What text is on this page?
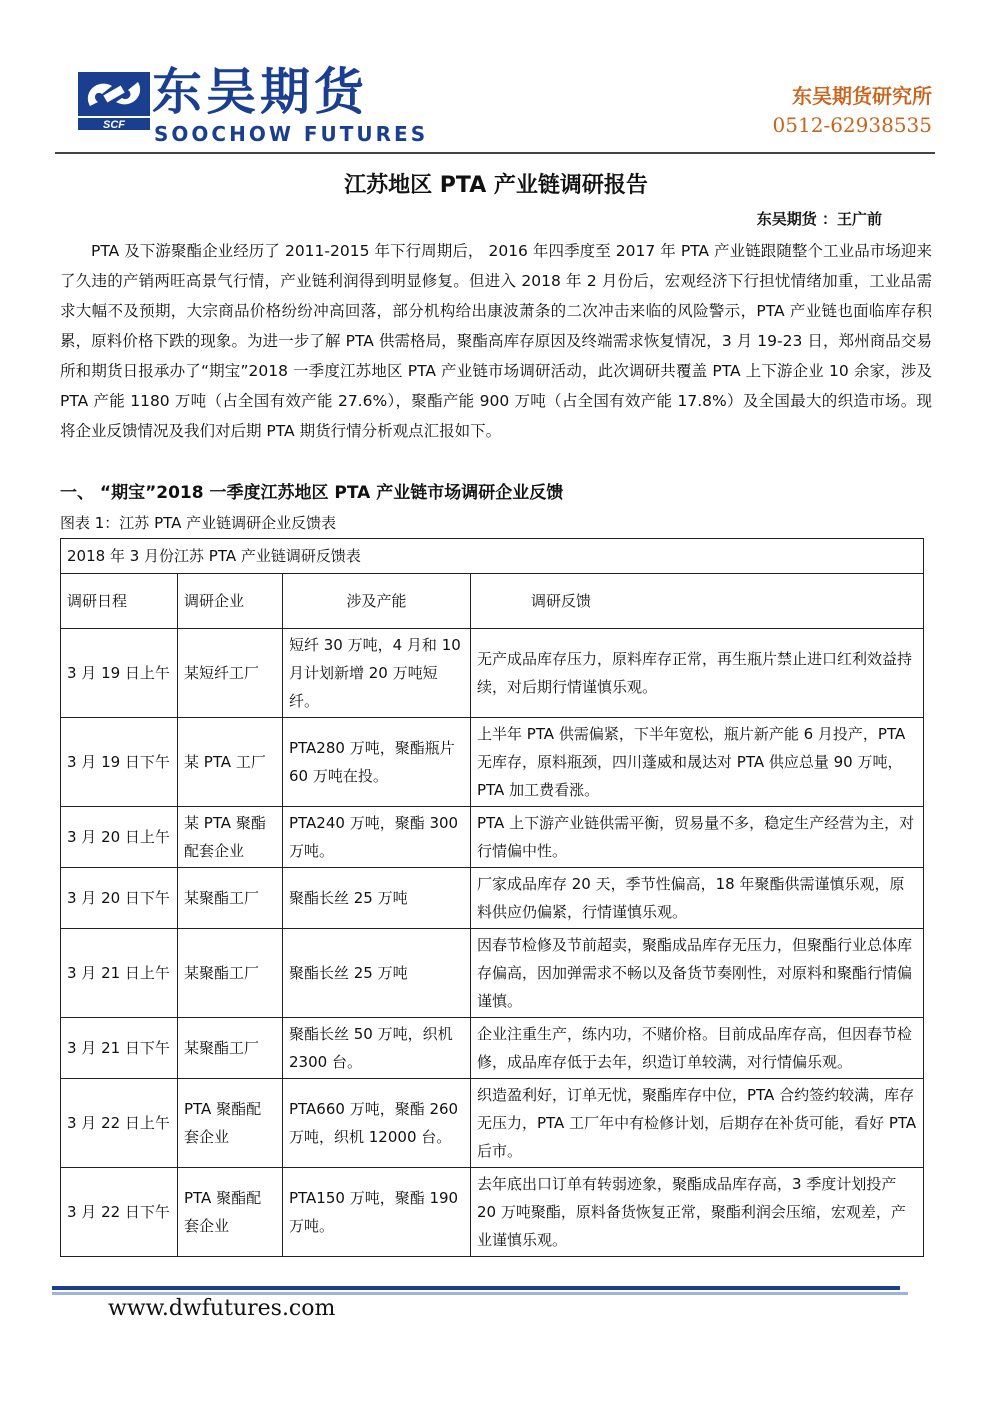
SCF
东吴期货
SOOCHOW FUTURES
东吴期货研究所
0512-62938535
江苏地区 PTA 产业链调研报告
东吴期货 ：王广前

PTA 及下游聚酯企业经历了 2011-2015 年下行周期后， 2016 年四季度至 2017 年 PTA 产业链跟随整个工业品市场迎来了久违的产销两旺高景气行情，产业链利润得到明显修复。但进入 2018 年 2 月份后，宏观经济下行担忧情绪加重，工业品需求大幅不及预期，大宗商品价格纷纷冲高回落，部分机构给出康波萧条的二次冲击来临的风险警示，PTA 产业链也面临库存积累，原料价格下跌的现象。为进一步了解 PTA 供需格局，聚酯高库存原因及终端需求恢复情况，3 月 19-23 日，郑州商品交易所和期货日报承办了“期宝”2018 一季度江苏地区 PTA 产业链市场调研活动，此次调研共覆盖 PTA 上下游企业 10 余家，涉及 PTA 产能 1180 万吨（占全国有效产能 27.6%），聚酯产能 900 万吨（占全国有效产能 17.8%）及全国最大的织造市场。现将企业反馈情况及我们对后期 PTA 期货行情分析观点汇报如下。

一、 “期宝”2018 一季度江苏地区 PTA 产业链市场调研企业反馈
图表 1：江苏 PTA 产业链调研企业反馈表
2018 年 3 月份江苏 PTA 产业链调研反馈表			
调研日程	调研企业	涉及产能	调研反馈
3 月 19 日上午	某短纤工厂	短纤 30 万吨，4 月和 10 月计划新增 20 万吨短纤。	无产成品库存压力，原料库存正常，再生瓶片禁止进口红利效益持续，对后期行情谨慎乐观。
3 月 19 日下午	某 PTA 工厂	PTA280 万吨，聚酯瓶片 60 万吨在投。	上半年 PTA 供需偏紧，下半年宽松，瓶片新产能 6 月投产，PTA 无库存，原料瓶颈，四川蓬威和晟达对 PTA 供应总量 90 万吨，PTA 加工费看涨。
3 月 20 日上午	某 PTA 聚酯配套企业	PTA240 万吨，聚酯 300 万吨。	PTA 上下游产业链供需平衡，贸易量不多，稳定生产经营为主，对行情偏中性。
3 月 20 日下午	某聚酯工厂	聚酯长丝 25 万吨	厂家成品库存 20 天，季节性偏高，18 年聚酯供需谨慎乐观，原料供应仍偏紧，行情谨慎乐观。
3 月 21 日上午	某聚酯工厂	聚酯长丝 25 万吨	因春节检修及节前超卖，聚酯成品库存无压力，但聚酯行业总体库存偏高，因加弹需求不畅以及备货节奏刚性，对原料和聚酯行情偏谨慎。
3 月 21 日下午	某聚酯工厂	聚酯长丝 50 万吨，织机 2300 台。	企业注重生产，练内功，不赌价格。目前成品库存高，但因春节检修，成品库存低于去年，织造订单较满，对行情偏乐观。
3 月 22 日上午	PTA 聚酯配套企业	PTA660 万吨，聚酯 260 万吨，织机 12000 台。	织造盈利好，订单无忧，聚酯库存中位，PTA 合约签约较满，库存无压力，PTA 工厂年中有检修计划，后期存在补货可能，看好 PTA 后市。
3 月 22 日下午	PTA 聚酯配套企业	PTA150 万吨，聚酯 190 万吨。	去年底出口订单有转弱迹象，聚酯成品库存高，3 季度计划投产 20 万吨聚酯，原料备货恢复正常，聚酯利润会压缩，宏观差，产业谨慎乐观。
www.dwfutures.com
